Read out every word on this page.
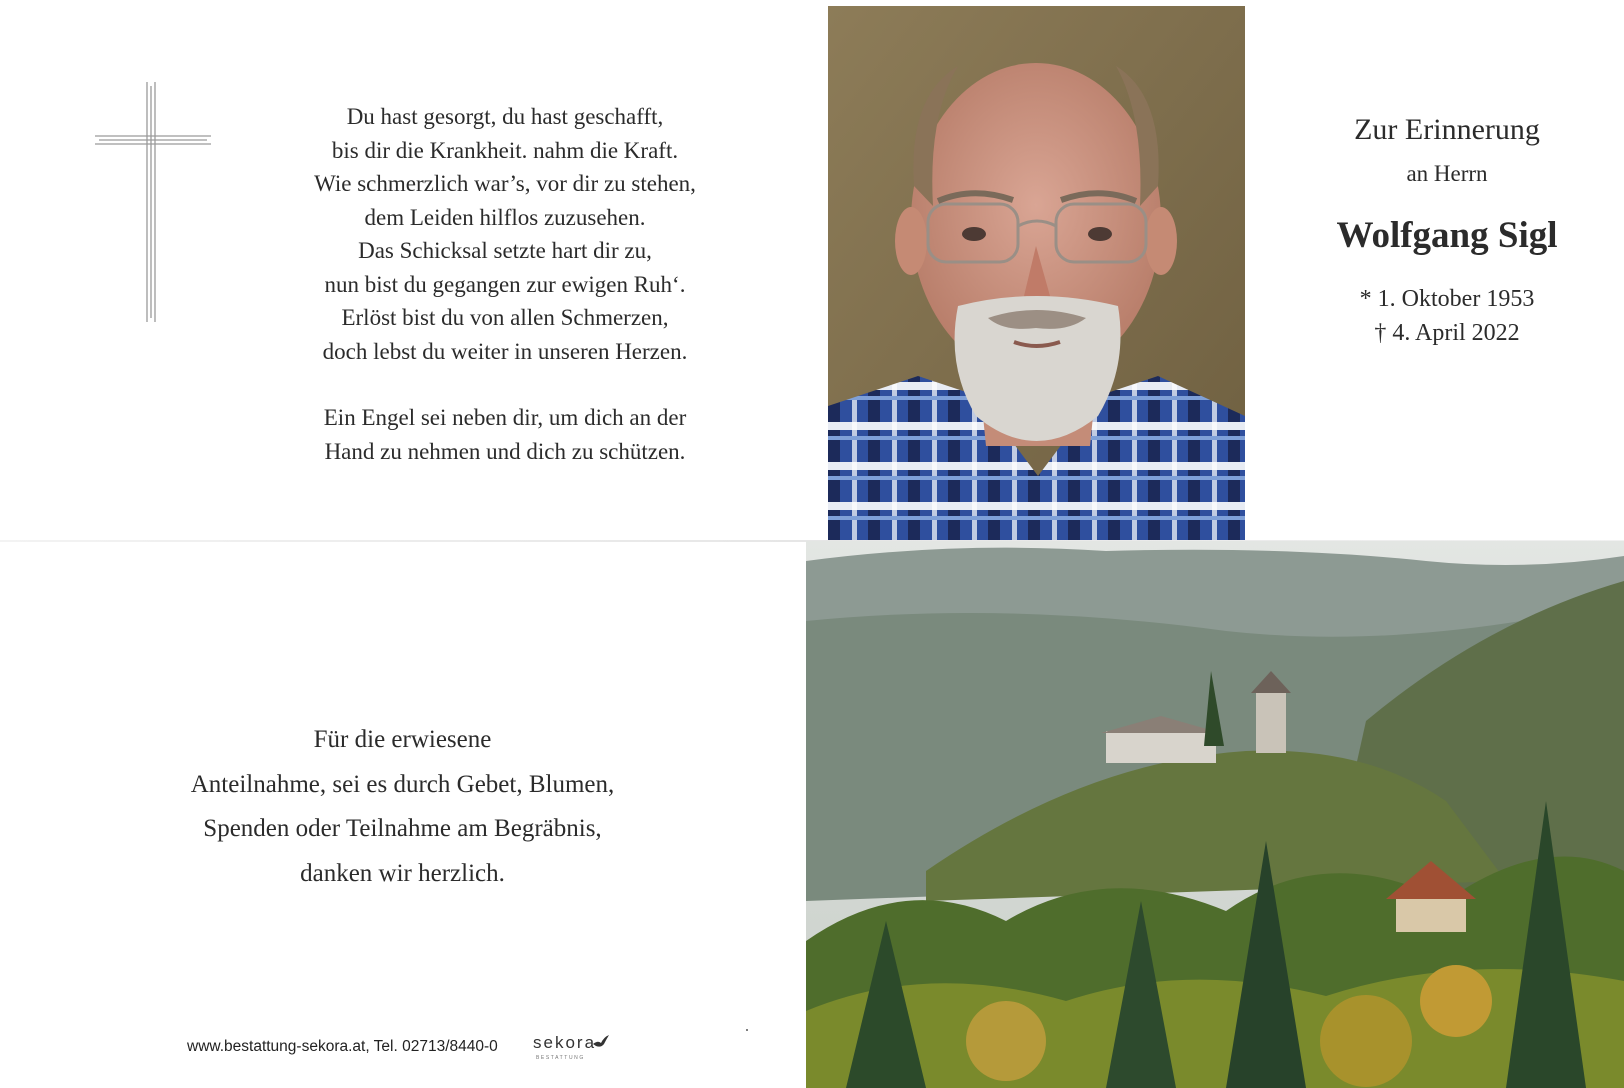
Du hast gesorgt, du hast geschafft,
bis dir die Krankheit. nahm die Kraft.
Wie schmerzlich war’s, vor dir zu stehen,
dem Leiden hilflos zuzusehen.
Das Schicksal setzte hart dir zu,
nun bist du gegangen zur ewigen Ruh‘.
Erlöst bist du von allen Schmerzen,
doch lebst du weiter in unseren Herzen.
Ein Engel sei neben dir, um dich an der
Hand zu nehmen und dich zu schützen.
Zur Erinnerung
an Herrn
Wolfgang Sigl
* 1. Oktober 1953
† 4. April 2022
Für die erwiesene
Anteilnahme, sei es durch Gebet, Blumen,
Spenden oder Teilnahme am Begräbnis,
danken wir herzlich.
www.bestattung-sekora.at, Tel. 02713/8440-0 sekora
BESTATTUNG
